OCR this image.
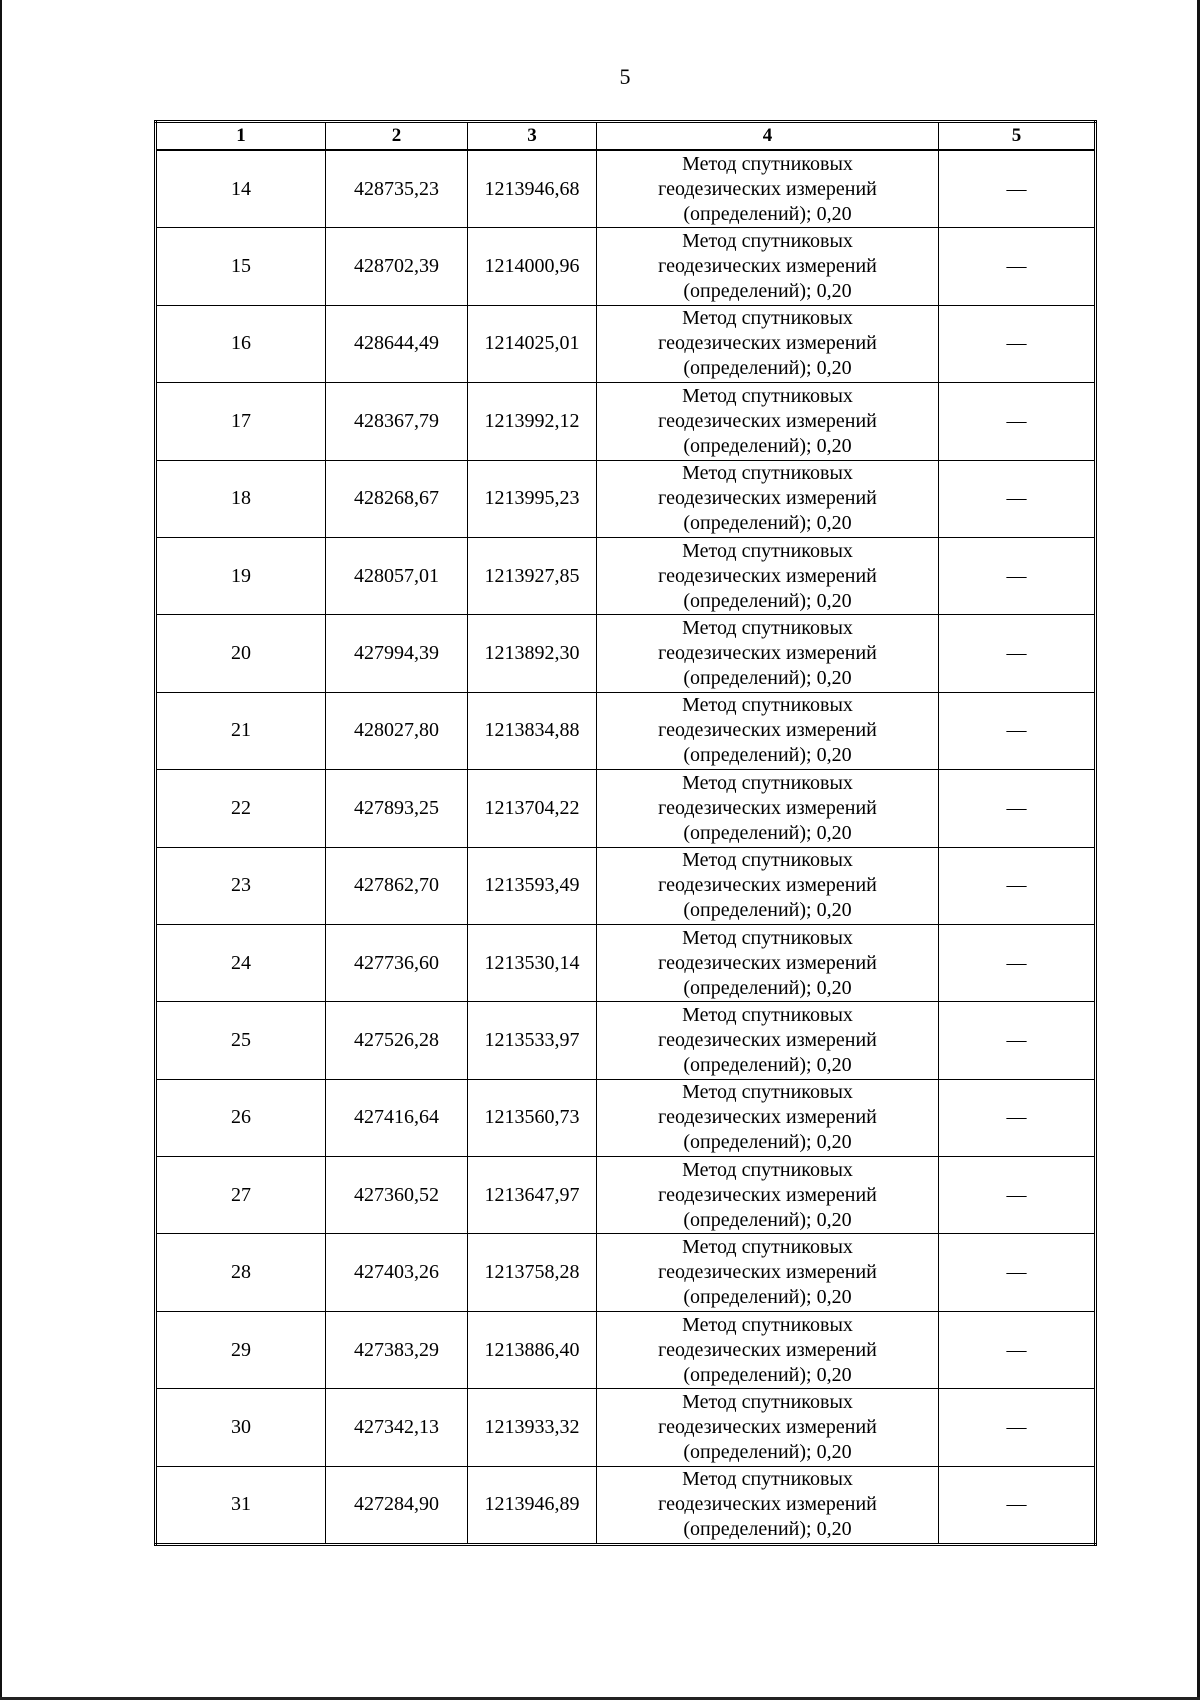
5
1	2	3	4	5
14	428735,23	1213946,68	Метод спутниковых
геодезических измерений
(определений); 0,20	—
15	428702,39	1214000,96	Метод спутниковых
геодезических измерений
(определений); 0,20	—
16	428644,49	1214025,01	Метод спутниковых
геодезических измерений
(определений); 0,20	—
17	428367,79	1213992,12	Метод спутниковых
геодезических измерений
(определений); 0,20	—
18	428268,67	1213995,23	Метод спутниковых
геодезических измерений
(определений); 0,20	—
19	428057,01	1213927,85	Метод спутниковых
геодезических измерений
(определений); 0,20	—
20	427994,39	1213892,30	Метод спутниковых
геодезических измерений
(определений); 0,20	—
21	428027,80	1213834,88	Метод спутниковых
геодезических измерений
(определений); 0,20	—
22	427893,25	1213704,22	Метод спутниковых
геодезических измерений
(определений); 0,20	—
23	427862,70	1213593,49	Метод спутниковых
геодезических измерений
(определений); 0,20	—
24	427736,60	1213530,14	Метод спутниковых
геодезических измерений
(определений); 0,20	—
25	427526,28	1213533,97	Метод спутниковых
геодезических измерений
(определений); 0,20	—
26	427416,64	1213560,73	Метод спутниковых
геодезических измерений
(определений); 0,20	—
27	427360,52	1213647,97	Метод спутниковых
геодезических измерений
(определений); 0,20	—
28	427403,26	1213758,28	Метод спутниковых
геодезических измерений
(определений); 0,20	—
29	427383,29	1213886,40	Метод спутниковых
геодезических измерений
(определений); 0,20	—
30	427342,13	1213933,32	Метод спутниковых
геодезических измерений
(определений); 0,20	—
31	427284,90	1213946,89	Метод спутниковых
геодезических измерений
(определений); 0,20	—
